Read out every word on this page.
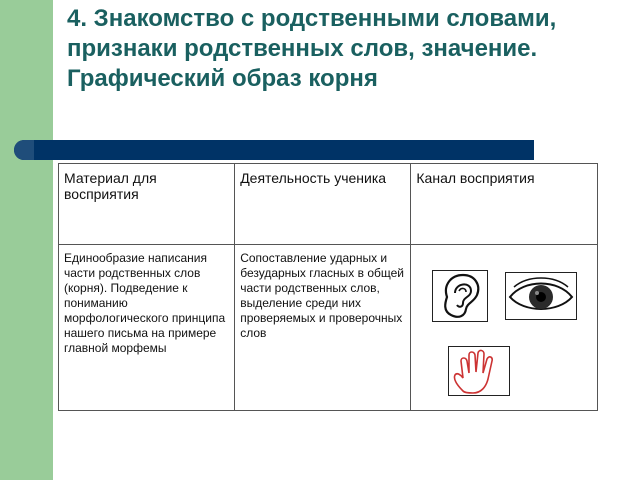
4. Знакомство с родственными словами, признаки родственных слов, значение. Графический образ корня
Материал для восприятия	Деятельность ученика	Канал восприятия
Единообразие написания части родственных слов (корня). Подведение к пониманию морфологического принципа нашего письма на примере главной морфемы	Сопоставление ударных и безударных гласных в общей части родственных слов, выделение среди них проверяемых и проверочных слов	
